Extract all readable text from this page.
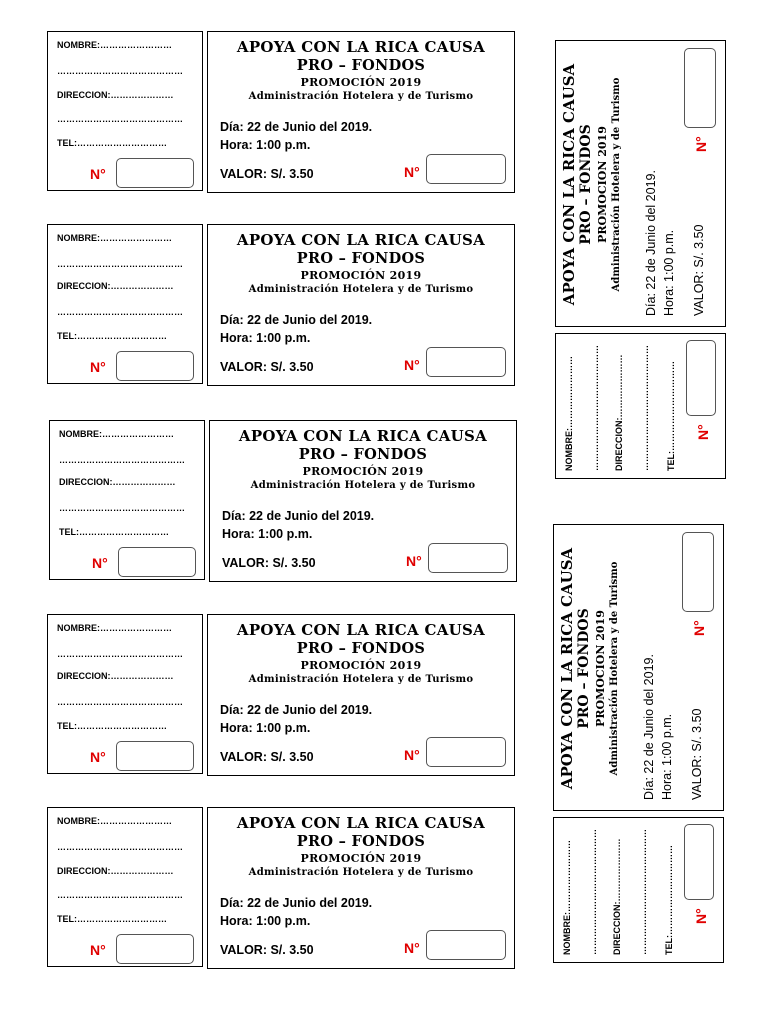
NOMBRE:……………………
……………………………………
DIRECCION:…………………
……………………………………
TEL:…………………………
N°
APOYA CON LA RICA CAUSA
PRO – FONDOS
PROMOCIÓN 2019
Administración Hotelera y de Turismo
Día: 22 de Junio del 2019.
Hora: 1:00 p.m.
VALOR: S/. 3.50	N°
NOMBRE:……………………
……………………………………
DIRECCION:…………………
……………………………………
TEL:…………………………
N°
APOYA CON LA RICA CAUSA
PRO – FONDOS
PROMOCIÓN 2019
Administración Hotelera y de Turismo
Día: 22 de Junio del 2019.
Hora: 1:00 p.m.
VALOR: S/. 3.50	N°
NOMBRE:……………………
……………………………………
DIRECCION:…………………
……………………………………
TEL:…………………………
N°
APOYA CON LA RICA CAUSA
PRO – FONDOS
PROMOCIÓN 2019
Administración Hotelera y de Turismo
Día: 22 de Junio del 2019.
Hora: 1:00 p.m.
VALOR: S/. 3.50	N°
NOMBRE:……………………
……………………………………
DIRECCION:…………………
……………………………………
TEL:…………………………
N°
APOYA CON LA RICA CAUSA
PRO – FONDOS
PROMOCIÓN 2019
Administración Hotelera y de Turismo
Día: 22 de Junio del 2019.
Hora: 1:00 p.m.
VALOR: S/. 3.50	N°
NOMBRE:……………………
……………………………………
DIRECCION:…………………
……………………………………
TEL:…………………………
N°
APOYA CON LA RICA CAUSA
PRO – FONDOS
PROMOCIÓN 2019
Administración Hotelera y de Turismo
Día: 22 de Junio del 2019.
Hora: 1:00 p.m.
VALOR: S/. 3.50	N°
APOYA CON LA RICA CAUSA PRO – FONDOS PROMOCION 2019 Administración Hotelera y de Turismo Día: 22 de Junio del 2019. Hora: 1:00 p.m. VALOR: S/. 3.50
N°
NOMBRE:…………………… …………………………………… DIRECCION:………………… …………………………………… TEL:………………………… N°
APOYA CON LA RICA CAUSA PRO – FONDOS PROMOCION 2019 Administración Hotelera y de Turismo Día: 22 de Junio del 2019. Hora: 1:00 p.m. VALOR: S/. 3.50
N°
NOMBRE:…………………… …………………………………… DIRECCION:………………… …………………………………… TEL:………………………… N°
